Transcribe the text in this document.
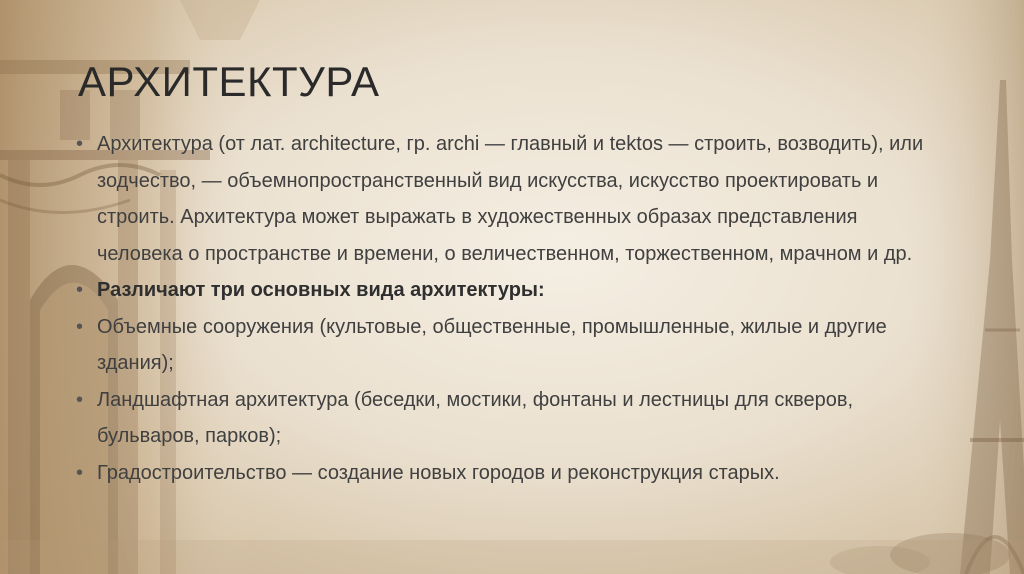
АРХИТЕКТУРА
• Архитектура (от лат. architecture, гр. archi — главный и tektos — строить, возводить), или зодчество, — объемнопространственный вид искусства, искусство проектировать и строить. Архитектура может выражать в художественных образах представления человека о пространстве и времени, о величественном, торжественном, мрачном и др.
• Различают три основных вида архитектуры:
• Объемные сооружения (культовые, общественные, промышленные, жилые и другие здания);
• Ландшафтная архитектура (беседки, мостики, фонтаны и лестницы для скверов, бульваров, парков);
• Градостроительство — создание новых городов и реконструкция старых.
